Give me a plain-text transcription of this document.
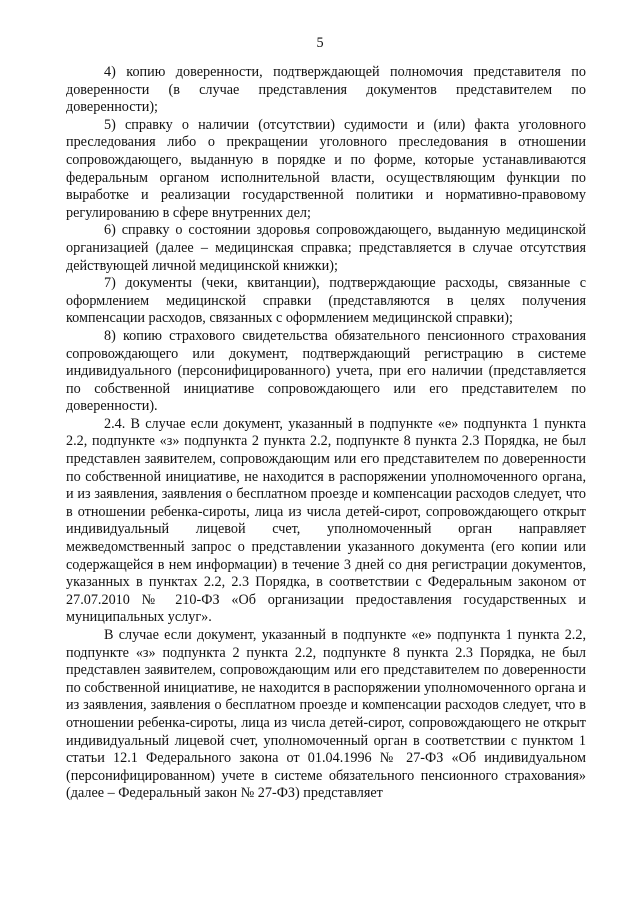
5

4) копию доверенности, подтверждающей полномочия представителя по доверенности (в случае представления документов представителем по доверенности);

5) справку о наличии (отсутствии) судимости и (или) факта уголовного преследования либо о прекращении уголовного преследования в отношении сопровождающего, выданную в порядке и по форме, которые устанавливаются федеральным органом исполнительной власти, осуществляющим функции по выработке и реализации государственной политики и нормативно-правовому регулированию в сфере внутренних дел;

6) справку о состоянии здоровья сопровождающего, выданную медицинской организацией (далее – медицинская справка; представляется в случае отсутствия действующей личной медицинской книжки);

7) документы (чеки, квитанции), подтверждающие расходы, связанные с оформлением медицинской справки (представляются в целях получения компенсации расходов, связанных с оформлением медицинской справки);

8) копию страхового свидетельства обязательного пенсионного страхования сопровождающего или документ, подтверждающий регистрацию в системе индивидуального (персонифицированного) учета, при его наличии (представляется по собственной инициативе сопровождающего или его представителем по доверенности).

2.4. В случае если документ, указанный в подпункте «е» подпункта 1 пункта 2.2, подпункте «з» подпункта 2 пункта 2.2, подпункте 8 пункта 2.3 Порядка, не был представлен заявителем, сопровождающим или его представителем по доверенности по собственной инициативе, не находится в распоряжении уполномоченного органа, и из заявления, заявления о бесплатном проезде и компенсации расходов следует, что в отношении ребенка-сироты, лица из числа детей-сирот, сопровождающего открыт индивидуальный лицевой счет, уполномоченный орган направляет межведомственный запрос о представлении указанного документа (его копии или содержащейся в нем информации) в течение 3 дней со дня регистрации документов, указанных в пунктах 2.2, 2.3 Порядка, в соответствии с Федеральным законом от 27.07.2010 № 210-ФЗ «Об организации предоставления государственных и муниципальных услуг».

В случае если документ, указанный в подпункте «е» подпункта 1 пункта 2.2, подпункте «з» подпункта 2 пункта 2.2, подпункте 8 пункта 2.3 Порядка, не был представлен заявителем, сопровождающим или его представителем по доверенности по собственной инициативе, не находится в распоряжении уполномоченного органа и из заявления, заявления о бесплатном проезде и компенсации расходов следует, что в отношении ребенка-сироты, лица из числа детей-сирот, сопровождающего не открыт индивидуальный лицевой счет, уполномоченный орган в соответствии с пунктом 1 статьи 12.1 Федерального закона от 01.04.1996 № 27-ФЗ «Об индивидуальном (персонифицированном) учете в системе обязательного пенсионного страхования» (далее – Федеральный закон № 27-ФЗ) представляет
